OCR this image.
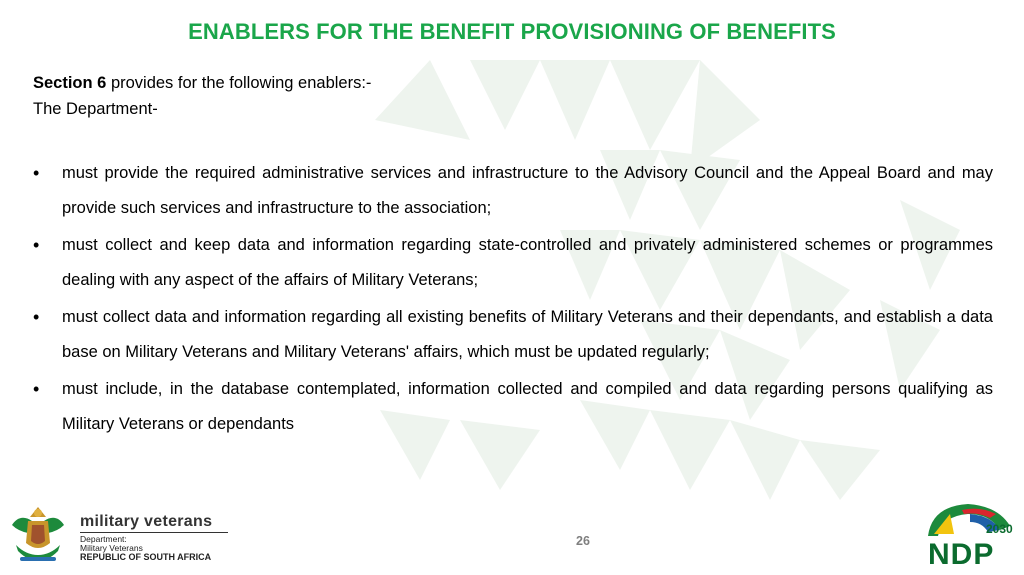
ENABLERS FOR THE BENEFIT PROVISIONING OF BENEFITS
Section 6 provides for the following enablers:-
The Department-
• must provide the required administrative services and infrastructure to the Advisory Council and the Appeal Board and may provide such services and infrastructure to the association;
• must collect and keep data and information regarding state-controlled and privately administered schemes or programmes dealing with any aspect of the affairs of Military Veterans;
• must collect data and information regarding all existing benefits of Military Veterans and their dependants, and establish a data base on Military Veterans and Military Veterans' affairs, which must be updated regularly;
• must include, in the database contemplated, information collected and compiled and data regarding persons qualifying as Military Veterans or dependants
military veterans
Department:
Military Veterans
REPUBLIC OF SOUTH AFRICA
26
2030
NDP
